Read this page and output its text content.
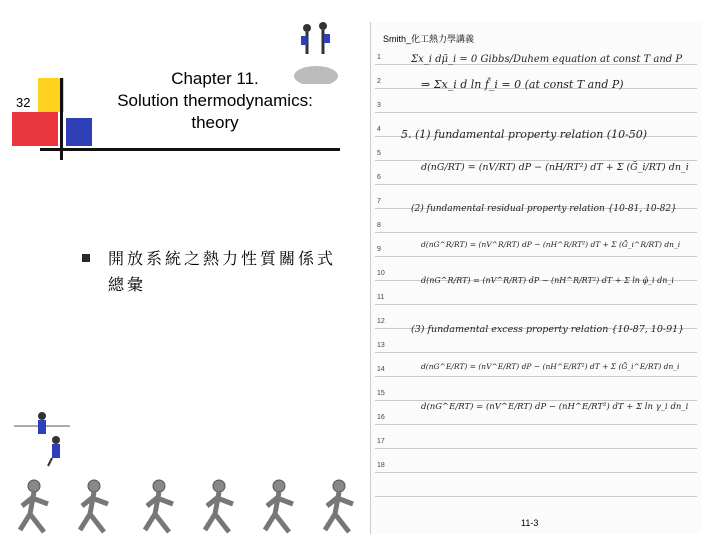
32
Chapter 11.
Solution thermodynamics:
theory
開放系統之熱力性質關係式總彙
Smith_化工熱力學講義
1
2
3
4
5
6
7
8
9
10
11
12
13
14
15
16
17
18
Σx_i dμ̄_i = 0 Gibbs/Duhem equation at const T and P
⇒ Σx_i d ln f̂_i = 0 (at const T and P)
5. (1) fundamental property relation (10-50)
d(nG/RT) = (nV/RT) dP − (nH/RT²) dT + Σ (Ḡ_i/RT) dn_i
(2) fundamental residual property relation {10-81, 10-82}
d(nG^R/RT) = (nV^R/RT) dP − (nH^R/RT²) dT + Σ (Ḡ_i^R/RT) dn_i
d(nG^R/RT) = (nV^R/RT) dP − (nH^R/RT²) dT + Σ ln φ̂_i dn_i
(3) fundamental excess property relation {10-87, 10-91}
d(nG^E/RT) = (nV^E/RT) dP − (nH^E/RT²) dT + Σ (Ḡ_i^E/RT) dn_i
d(nG^E/RT) = (nV^E/RT) dP − (nH^E/RT²) dT + Σ ln γ_i dn_i
11-3
